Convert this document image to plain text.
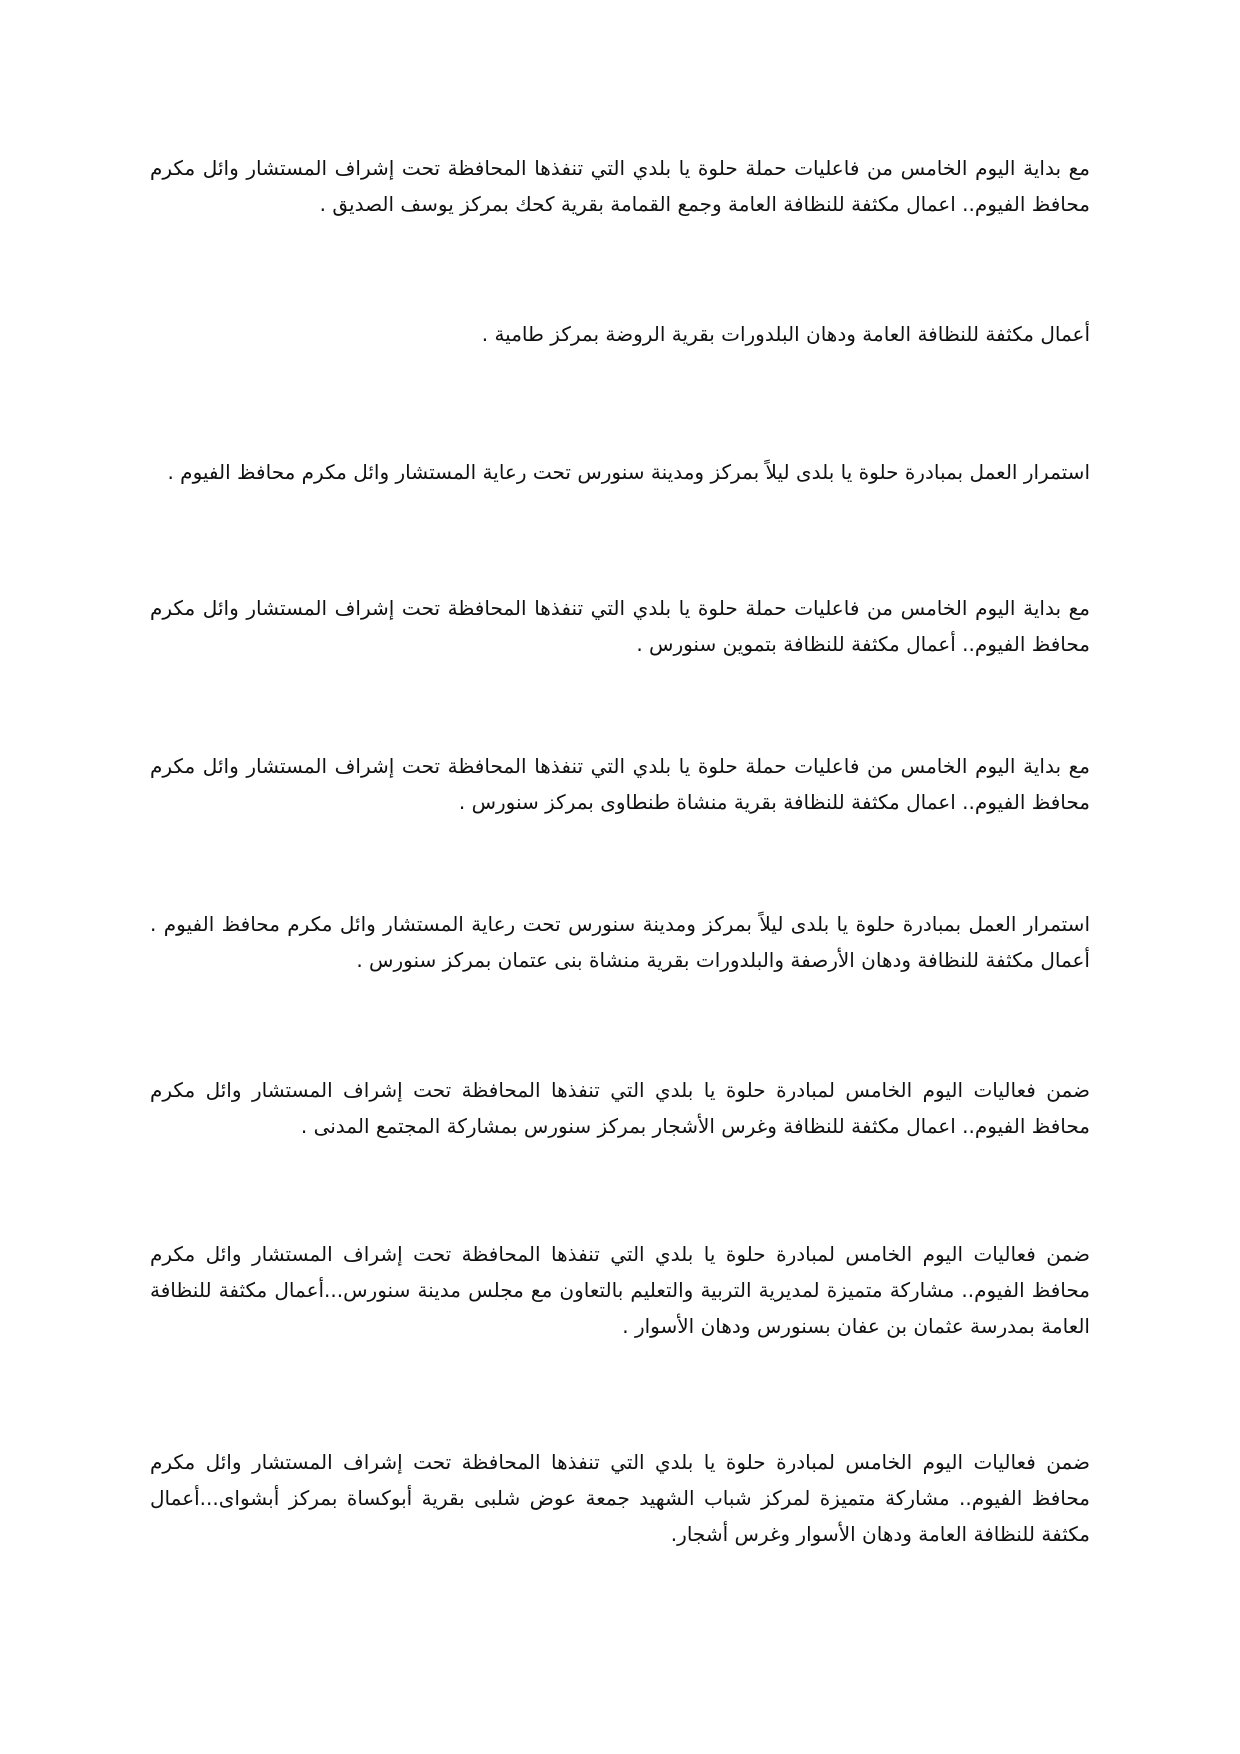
مع بداية اليوم الخامس من فاعليات حملة حلوة يا بلدي التي تنفذها المحافظة تحت إشراف المستشار وائل مكرم محافظ الفيوم.. اعمال مكثفة للنظافة العامة وجمع القمامة بقرية كحك بمركز يوسف الصديق .

أعمال مكثفة للنظافة العامة ودهان البلدورات بقرية الروضة بمركز طامية .

استمرار العمل بمبادرة حلوة يا بلدى ليلاً بمركز ومدينة سنورس تحت رعاية المستشار وائل مكرم محافظ الفيوم .

مع بداية اليوم الخامس من فاعليات حملة حلوة يا بلدي التي تنفذها المحافظة تحت إشراف المستشار وائل مكرم محافظ الفيوم.. أعمال مكثفة للنظافة بتموين سنورس .

مع بداية اليوم الخامس من فاعليات حملة حلوة يا بلدي التي تنفذها المحافظة تحت إشراف المستشار وائل مكرم محافظ الفيوم.. اعمال مكثفة للنظافة بقرية منشاة طنطاوى بمركز سنورس .

استمرار العمل بمبادرة حلوة يا بلدى ليلاً بمركز ومدينة سنورس تحت رعاية المستشار وائل مكرم محافظ الفيوم . أعمال مكثفة للنظافة ودهان الأرصفة والبلدورات بقرية منشاة بنى عتمان بمركز سنورس .

ضمن فعاليات اليوم الخامس لمبادرة حلوة يا بلدي التي تنفذها المحافظة تحت إشراف المستشار وائل مكرم محافظ الفيوم.. اعمال مكثفة للنظافة وغرس الأشجار بمركز سنورس بمشاركة المجتمع المدنى .

ضمن فعاليات اليوم الخامس لمبادرة حلوة يا بلدي التي تنفذها المحافظة تحت إشراف المستشار وائل مكرم محافظ الفيوم.. مشاركة متميزة لمديرية التربية والتعليم بالتعاون مع مجلس مدينة سنورس...أعمال مكثفة للنظافة العامة بمدرسة عثمان بن عفان بسنورس ودهان الأسوار .

ضمن فعاليات اليوم الخامس لمبادرة حلوة يا بلدي التي تنفذها المحافظة تحت إشراف المستشار وائل مكرم محافظ الفيوم.. مشاركة متميزة لمركز شباب الشهيد جمعة عوض شلبى بقرية أبوكساة بمركز أبشواى...أعمال مكثفة للنظافة العامة ودهان الأسوار وغرس أشجار.
